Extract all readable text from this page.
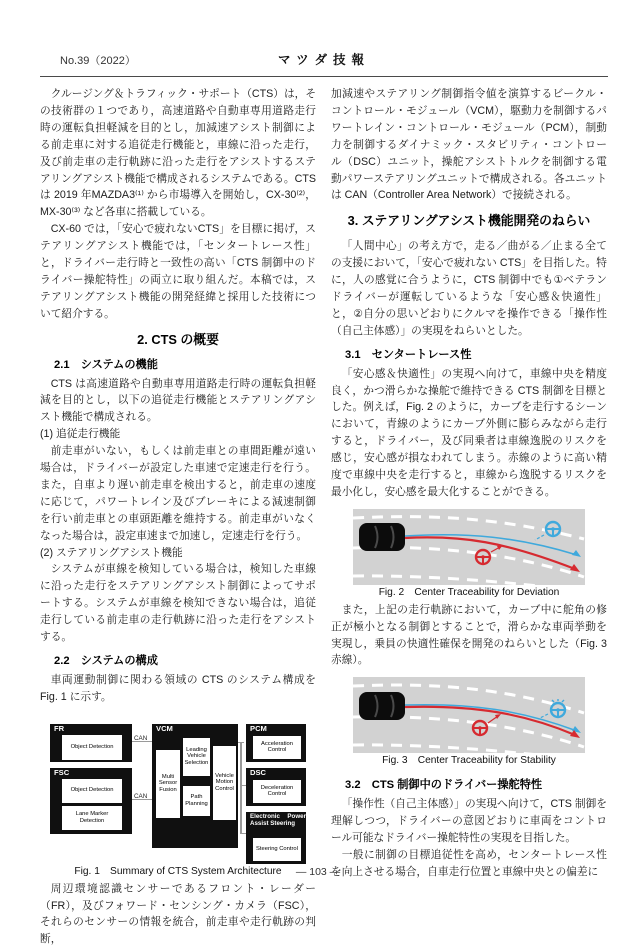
No.39（2022）	マツダ技報

クルージング＆トラフィック・サポート（CTS）は，その技術群の１つであり，高速道路や自動車専用道路走行時の運転負担軽減を目的とし，加減速アシスト制御による前走車に対する追従走行機能と，車線に沿った走行，及び前走車の走行軌跡に沿った走行をアシストするステアリングアシスト機能で構成されるシステムである。CTS は 2019 年MAZDA3⁽¹⁾ から市場導入を開始し，CX-30⁽²⁾，MX-30⁽³⁾ など各車に搭載している。

CX-60 では，「安心で疲れないCTS」を目標に掲げ，ステアリングアシスト機能では，「センタートレース性」と，ドライバー走行時と一致性の高い「CTS 制御中のドライバー操舵特性」の両立に取り組んだ。本稿では，ステアリングアシスト機能の開発経緯と採用した技術について紹介する。

2. CTS の概要
2.1　システムの機能

CTS は高速道路や自動車専用道路走行時の運転負担軽減を目的とし，以下の追従走行機能とステアリングアシスト機能で構成される。

(1) 追従走行機能

前走車がいない，もしくは前走車との車間距離が遠い場合は，ドライバーが設定した車速で定速走行を行う。また，自車より遅い前走車を検出すると，前走車の速度に応じて，パワートレイン及びブレーキによる減速制御を行い前走車との車頭距離を維持する。前走車がいなくなった場合は，設定車速まで加速し，定速走行を行う。

(2) ステアリングアシスト機能

システムが車線を検知している場合は，検知した車線に沿った走行をステアリングアシスト制御によってサポートする。システムが車線を検知できない場合は，追従走行している前走車の走行軌跡に沿った走行をアシストする。

2.2　システムの構成

車両運動制御に関わる領域の CTS のシステム構成を Fig. 1 に示す。

CAN
CAN
FR
Object Detection
FSC
Object Detection
Lane Marker Detection
VCM
Multi Sensor Fusion
Leading Vehicle Selection
Path Planning
Vehicle Motion Control
PCM
Acceleration Control
DSC
Deceleration Control
Electronic Power Assist Steering
Steering Control

Fig. 1　Summary of CTS System Architecture

周辺環境認識センサーであるフロント・レーダー（FR），及びフォワード・センシング・カメラ（FSC），それらのセンサーの情報を統合，前走車や走行軌跡の判断，

加減速やステアリング制御指令値を演算するビークル・コントロール・モジュール（VCM），駆動力を制御するパワートレイン・コントロール・モジュール（PCM），制動力を制御するダイナミック・スタビリティ・コントロール（DSC）ユニット，操舵アシストトルクを制御する電動パワーステアリングユニットで構成される。各ユニットは CAN（Controller Area Network）で接続される。

3. ステアリングアシスト機能開発のねらい

「人間中心」の考え方で，走る／曲がる／止まる全ての支援において，「安心で疲れない CTS」を目指した。特に，人の感覚に合うように，CTS 制御中でも①ベテランドライバーが運転しているような「安心感＆快適性」と，②自分の思いどおりにクルマを操作できる「操作性（自己主体感）」の実現をねらいとした。

3.1　センタートレース性

「安心感＆快適性」の実現へ向けて，車線中央を精度良く，かつ滑らかな操舵で維持できる CTS 制御を目標とした。例えば，Fig. 2 のように，カーブを走行するシーンにおいて，青線のようにカーブ外側に膨らみながら走行すると，ドライバー，及び同乗者は車線逸脱のリスクを感じ，安心感が損なわれてしまう。赤線のように高い精度で車線中央を走行すると，車線から逸脱するリスクを最小化し，安心感を最大化することができる。

Fig. 2　Center Traceability for Deviation

また，上記の走行軌跡において，カーブ中に舵角の修正が極小となる制御とすることで，滑らかな車両挙動を実現し，乗員の快適性確保を開発のねらいとした（Fig. 3 赤線）。

Fig. 3　Center Traceability for Stability

3.2　CTS 制御中のドライバー操舵特性

「操作性（自己主体感）」の実現へ向けて，CTS 制御を理解しつつ，ドライバーの意図どおりに車両をコントロール可能なドライバー操舵特性の実現を目指した。

一般に制御の目標追従性を高め，センタートレース性を向上させる場合，自車走行位置と車線中央との偏差に

― 103 ―
